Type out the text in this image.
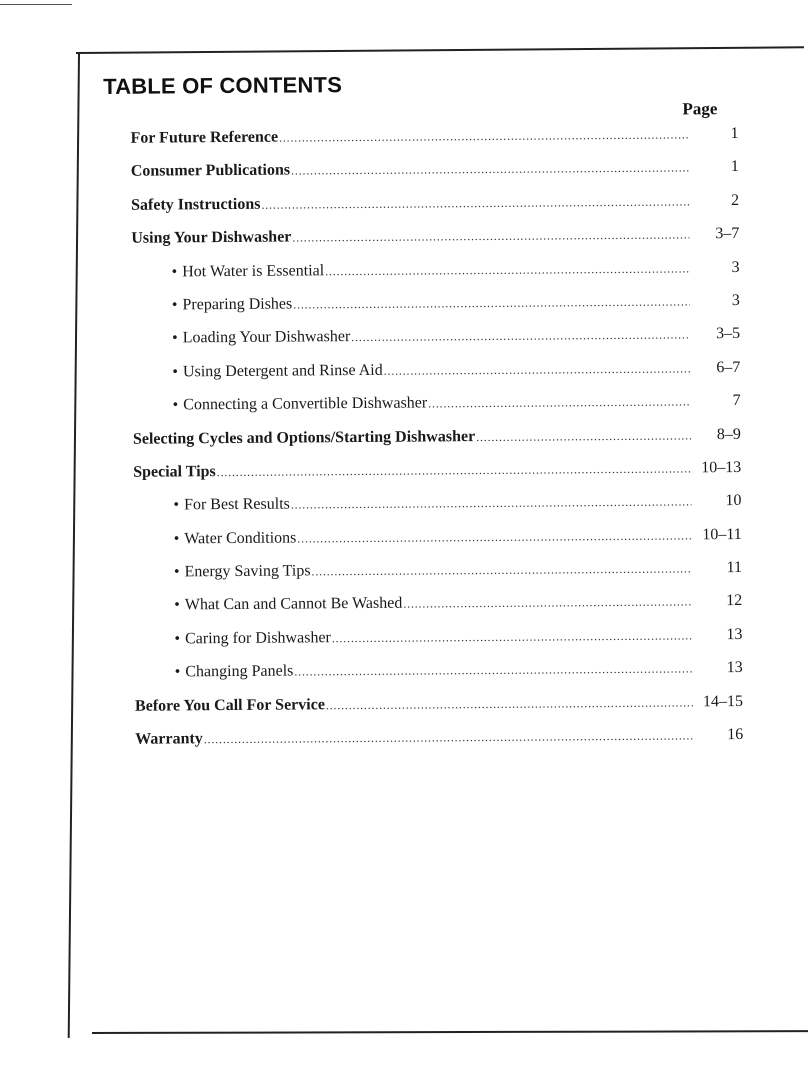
TABLE OF CONTENTS
Page
For Future Reference .....	1
Consumer Publications .....	1
Safety Instructions .....	2
Using Your Dishwasher .....	3–7
• Hot Water is Essential .....	3
• Preparing Dishes .....	3
• Loading Your Dishwasher .....	3–5
• Using Detergent and Rinse Aid .....	6–7
• Connecting a Convertible Dishwasher .....	7
Selecting Cycles and Options/Starting Dishwasher .....	8–9
Special Tips .....	10–13
• For Best Results .....	10
• Water Conditions .....	10–11
• Energy Saving Tips .....	11
• What Can and Cannot Be Washed .....	12
• Caring for Dishwasher .....	13
• Changing Panels .....	13
Before You Call For Service .....	14–15
Warranty .....	16
